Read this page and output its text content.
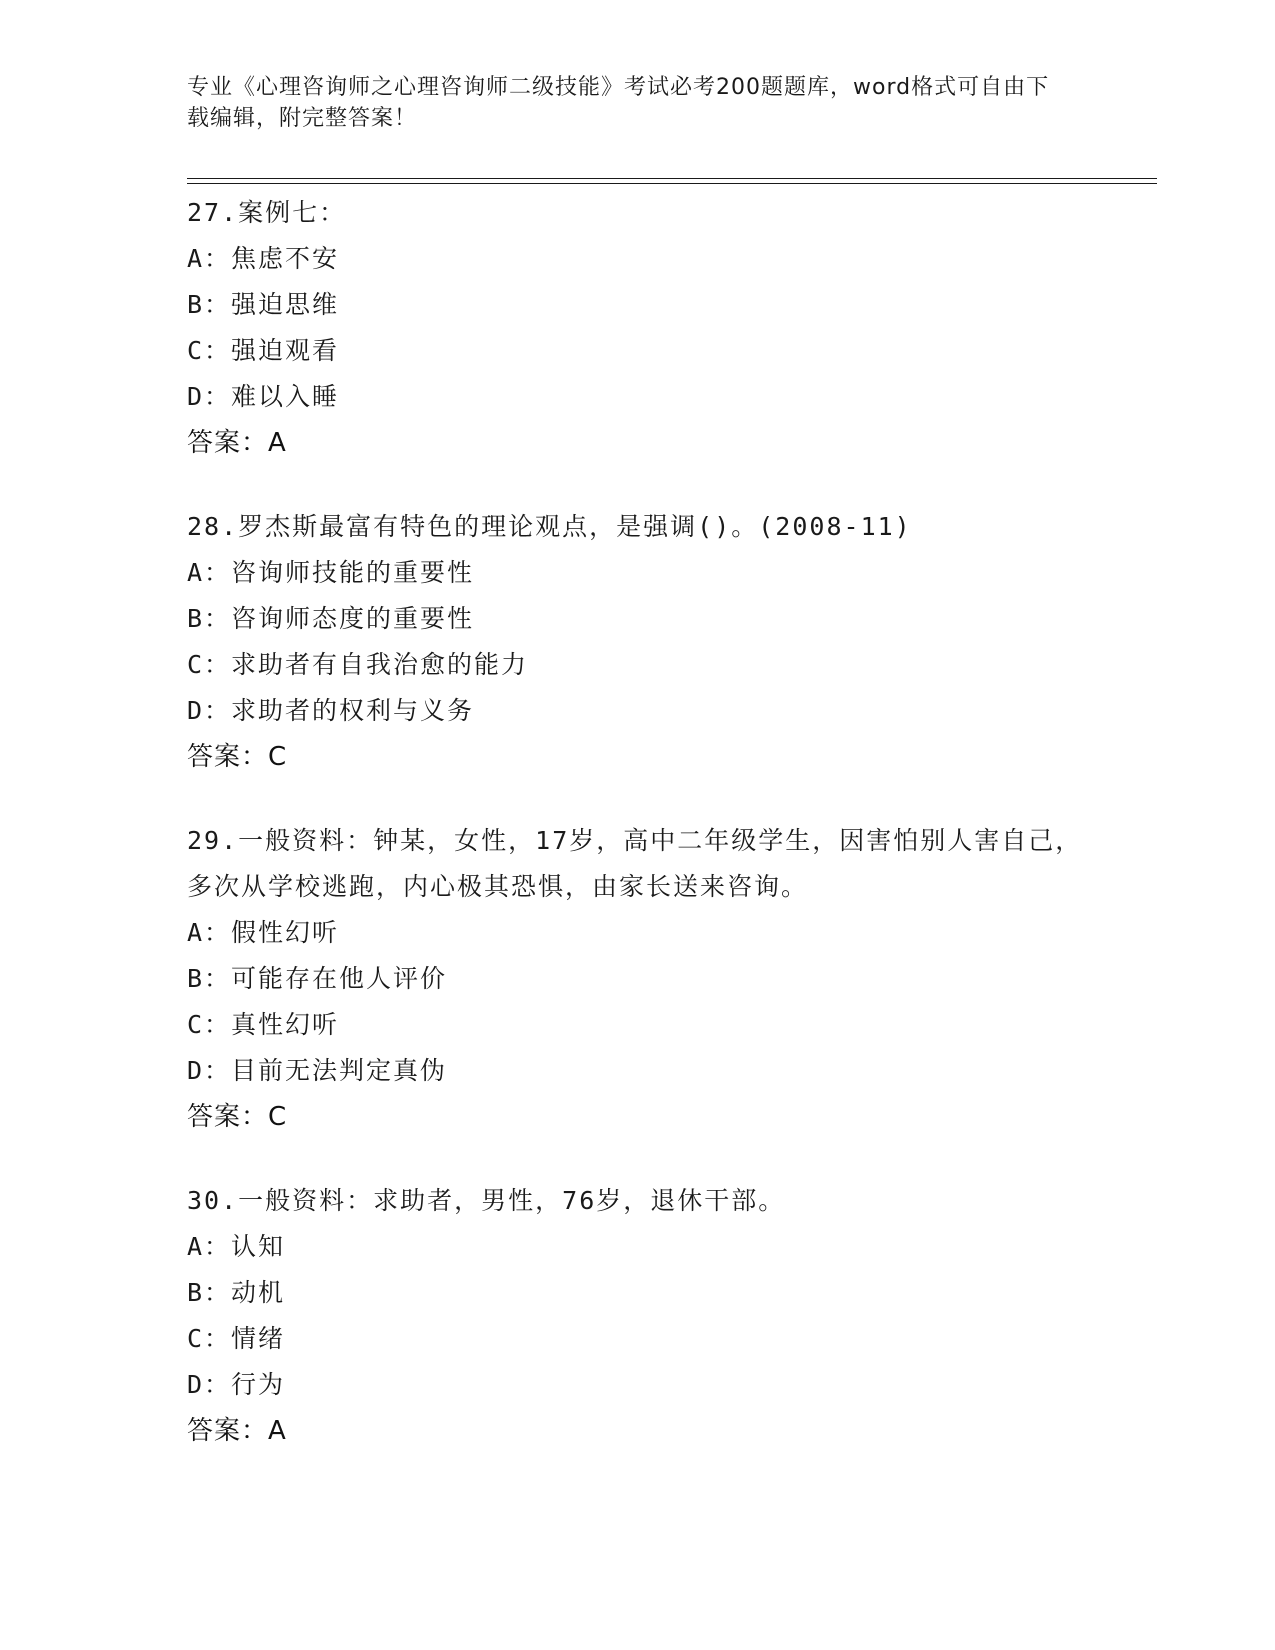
专业《心理咨询师之心理咨询师二级技能》考试必考200题题库，word格式可自由下载编辑，附完整答案！
27.案例七：
A：焦虑不安
B：强迫思维
C：强迫观看
D：难以入睡
答案：A
28.罗杰斯最富有特色的理论观点，是强调()。(2008-11)
A：咨询师技能的重要性
B：咨询师态度的重要性
C：求助者有自我治愈的能力
D：求助者的权利与义务
答案：C
29.一般资料：钟某，女性，17岁，高中二年级学生，因害怕别人害自己，多次从学校逃跑，内心极其恐惧，由家长送来咨询。
A：假性幻听
B：可能存在他人评价
C：真性幻听
D：目前无法判定真伪
答案：C
30.一般资料：求助者，男性，76岁，退休干部。
A：认知
B：动机
C：情绪
D：行为
答案：A
